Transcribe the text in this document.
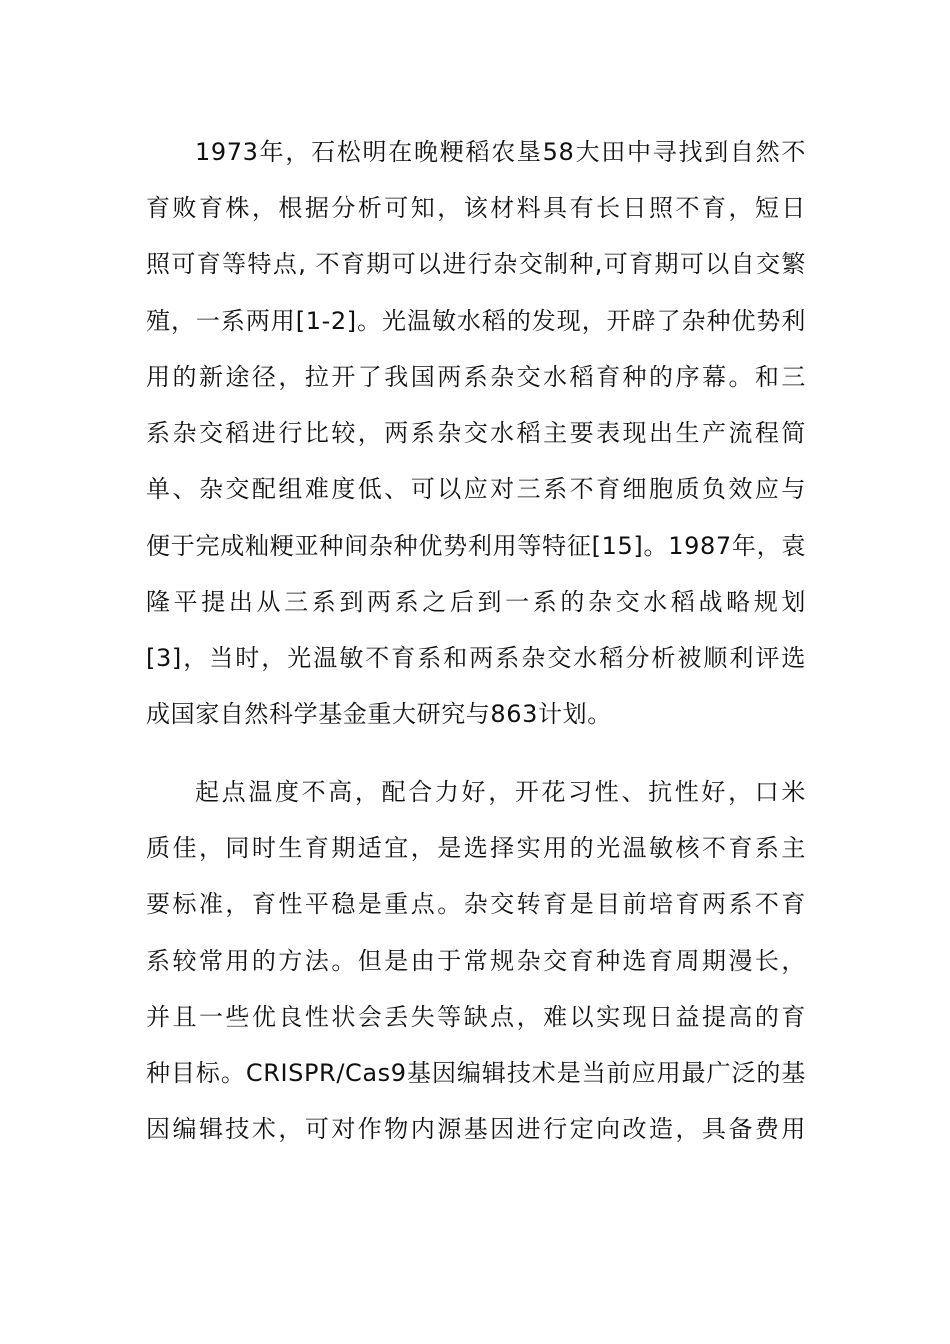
1973年，石松明在晚粳稻农垦58大田中寻找到自然不
育败育株，根据分析可知，该材料具有长日照不育，短日
照可育等特点, 不育期可以进行杂交制种,可育期可以自交繁
殖，一系两用[1-2]。光温敏水稻的发现，开辟了杂种优势利
用的新途径，拉开了我国两系杂交水稻育种的序幕。和三
系杂交稻进行比较，两系杂交水稻主要表现出生产流程简
单、杂交配组难度低、可以应对三系不育细胞质负效应与
便于完成籼粳亚种间杂种优势利用等特征[15]。1987年，袁
隆平提出从三系到两系之后到一系的杂交水稻战略规划
[3]，当时，光温敏不育系和两系杂交水稻分析被顺利评选
成国家自然科学基金重大研究与863计划。
起点温度不高，配合力好，开花习性、抗性好，口米
质佳，同时生育期适宜，是选择实用的光温敏核不育系主
要标准，育性平稳是重点。杂交转育是目前培育两系不育
系较常用的方法。但是由于常规杂交育种选育周期漫长，
并且一些优良性状会丢失等缺点，难以实现日益提高的育
种目标。CRISPR/Cas9基因编辑技术是当前应用最广泛的基
因编辑技术，可对作物内源基因进行定向改造，具备费用
